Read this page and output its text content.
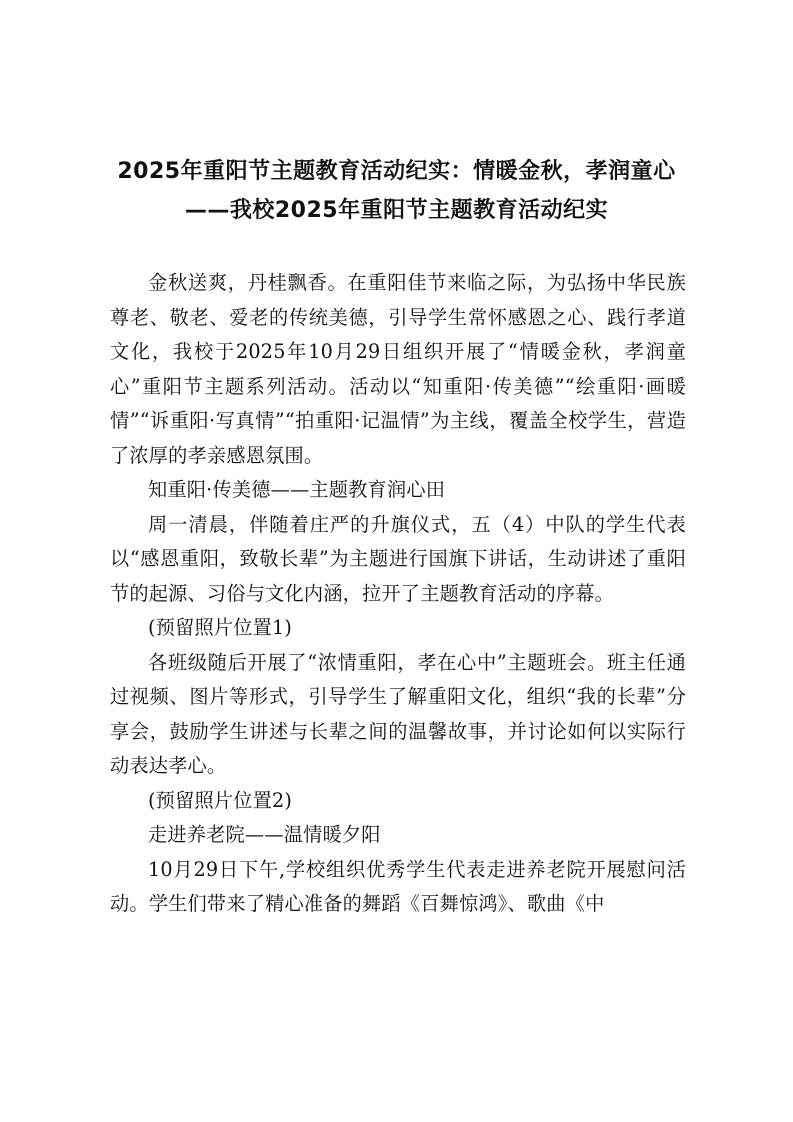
2025年重阳节主题教育活动纪实：情暖金秋，孝润童心
——我校2025年重阳节主题教育活动纪实

金秋送爽，丹桂飘香。在重阳佳节来临之际，为弘扬中华民族尊老、敬老、爱老的传统美德，引导学生常怀感恩之心、践行孝道文化，我校于2025年10月29日组织开展了“情暖金秋，孝润童心”重阳节主题系列活动。活动以“知重阳·传美德”“绘重阳·画暖情”“诉重阳·写真情”“拍重阳·记温情”为主线，覆盖全校学生，营造了浓厚的孝亲感恩氛围。

知重阳·传美德——主题教育润心田

周一清晨，伴随着庄严的升旗仪式，五（4）中队的学生代表以“感恩重阳，致敬长辈”为主题进行国旗下讲话，生动讲述了重阳节的起源、习俗与文化内涵，拉开了主题教育活动的序幕。

(预留照片位置1)

各班级随后开展了“浓情重阳，孝在心中”主题班会。班主任通过视频、图片等形式，引导学生了解重阳文化，组织“我的长辈”分享会，鼓励学生讲述与长辈之间的温馨故事，并讨论如何以实际行动表达孝心。

(预留照片位置2)

走进养老院——温情暖夕阳

10月29日下午,学校组织优秀学生代表走进养老院开展慰问活动。学生们带来了精心准备的舞蹈《百舞惊鸿》、歌曲《中
